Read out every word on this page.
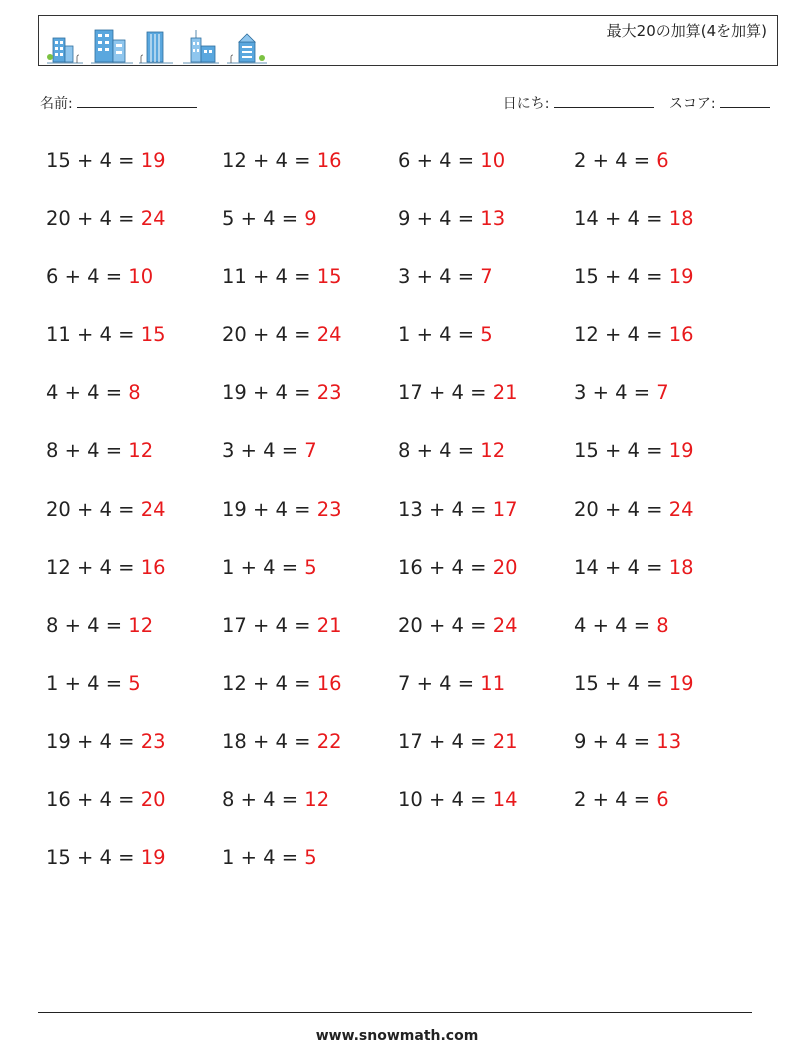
最大20の加算(4を加算)
名前:	日にち:	スコア:
15 + 4 = 19	12 + 4 = 16	6 + 4 = 10	2 + 4 = 6
20 + 4 = 24	5 + 4 = 9	9 + 4 = 13	14 + 4 = 18
6 + 4 = 10	11 + 4 = 15	3 + 4 = 7	15 + 4 = 19
11 + 4 = 15	20 + 4 = 24	1 + 4 = 5	12 + 4 = 16
4 + 4 = 8	19 + 4 = 23	17 + 4 = 21	3 + 4 = 7
8 + 4 = 12	3 + 4 = 7	8 + 4 = 12	15 + 4 = 19
20 + 4 = 24	19 + 4 = 23	13 + 4 = 17	20 + 4 = 24
12 + 4 = 16	1 + 4 = 5	16 + 4 = 20	14 + 4 = 18
8 + 4 = 12	17 + 4 = 21	20 + 4 = 24	4 + 4 = 8
1 + 4 = 5	12 + 4 = 16	7 + 4 = 11	15 + 4 = 19
19 + 4 = 23	18 + 4 = 22	17 + 4 = 21	9 + 4 = 13
16 + 4 = 20	8 + 4 = 12	10 + 4 = 14	2 + 4 = 6
15 + 4 = 19	1 + 4 = 5
www.snowmath.com
